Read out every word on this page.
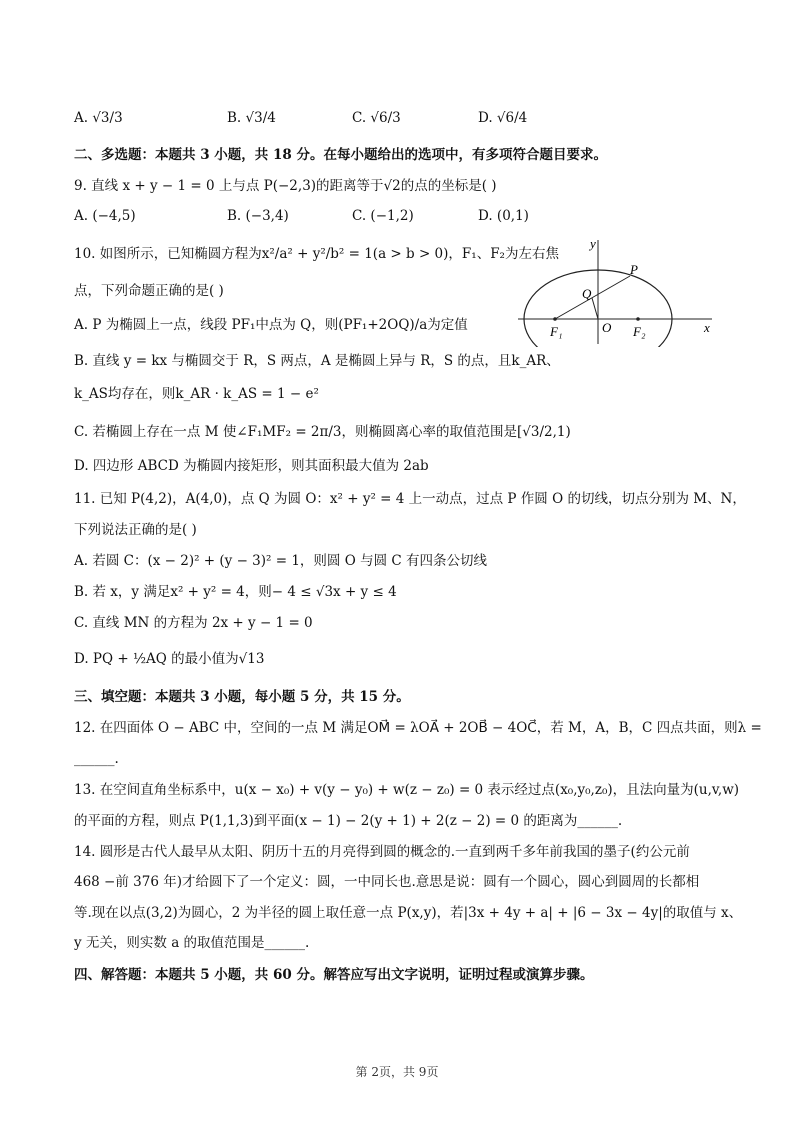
A. √3/3	B. √3/4	C. √6/3	D. √6/4
二、多选题：本题共 3 小题，共 18 分。在每小题给出的选项中，有多项符合题目要求。
9. 直线 x + y − 1 = 0 上与点 P(−2,3)的距离等于√2的点的坐标是( )
A. (−4,5)	B. (−3,4)	C. (−1,2)	D. (0,1)
10. 如图所示，已知椭圆方程为x²/a² + y²/b² = 1(a > b > 0)，F₁、F₂为左右焦
点，下列命题正确的是( )
A. P 为椭圆上一点，线段 PF₁中点为 Q，则(PF₁+2OQ)/a为定值
B. 直线 y = kx 与椭圆交于 R，S 两点，A 是椭圆上异与 R，S 的点，且k_AR、
k_AS均存在，则k_AR · k_AS = 1 − e²
C. 若椭圆上存在一点 M 使∠F₁MF₂ = 2π/3，则椭圆离心率的取值范围是[√3/2,1)
D. 四边形 ABCD 为椭圆内接矩形，则其面积最大值为 2ab
y
x
P
Q
F₁	O F₂
11. 已知 P(4,2)，A(4,0)，点 Q 为圆 O：x² + y² = 4 上一动点，过点 P 作圆 O 的切线，切点分别为 M、N，
下列说法正确的是( )
A. 若圆 C：(x − 2)² + (y − 3)² = 1，则圆 O 与圆 C 有四条公切线
B. 若 x，y 满足x² + y² = 4，则− 4 ≤ √3x + y ≤ 4
C. 直线 MN 的方程为 2x + y − 1 = 0
D. PQ + ½AQ 的最小值为√13
三、填空题：本题共 3 小题，每小题 5 分，共 15 分。
12. 在四面体 O − ABC 中，空间的一点 M 满足OM⃗ = λOA⃗ + 2OB⃗ − 4OC⃗，若 M，A，B，C 四点共面，则λ =
______.
13. 在空间直角坐标系中，u(x − x₀) + v(y − y₀) + w(z − z₀) = 0 表示经过点(x₀,y₀,z₀)，且法向量为(u,v,w)
的平面的方程，则点 P(1,1,3)到平面(x − 1) − 2(y + 1) + 2(z − 2) = 0 的距离为______.
14. 圆形是古代人最早从太阳、阴历十五的月亮得到圆的概念的.一直到两千多年前我国的墨子(约公元前
468 −前 376 年)才给圆下了一个定义：圆，一中同长也.意思是说：圆有一个圆心，圆心到圆周的长都相
等.现在以点(3,2)为圆心，2 为半径的圆上取任意一点 P(x,y)，若|3x + 4y + a| + |6 − 3x − 4y|的取值与 x、
y 无关，则实数 a 的取值范围是______.
四、解答题：本题共 5 小题，共 60 分。解答应写出文字说明，证明过程或演算步骤。
第 2页，共 9页
